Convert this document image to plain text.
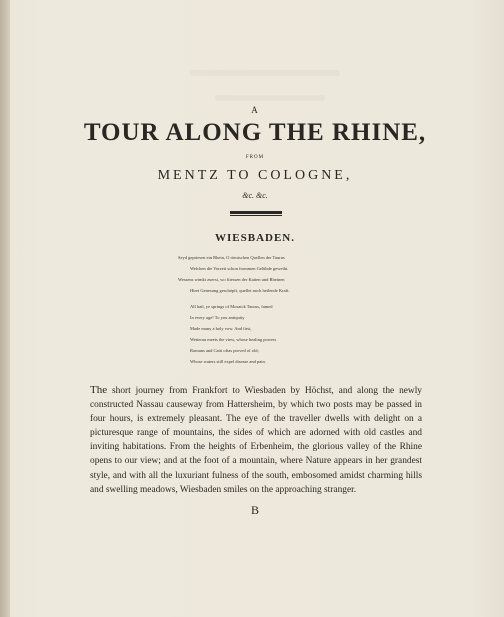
A
TOUR ALONG THE RHINE,
FROM
MENTZ TO COLOGNE,
&c. &c.
WIESBADEN.
Seyd gepriesen ein Rhein, O römischen Quellen der Taurus
Welchen die Vorzeit schon frommen Gelübde geweiht.
Wessens wimkt zuerst, wo fiiessen der Katten und Rheinen
Hirei Genesung geschöpft, quellet noch heilende Kraft.
All hail, ye springs of Mosaick Taurus, famed
In every age! To you antiquity
Made many a holy vow. And first,
Wetterau meets the view, whose healing powers
Romans and Catti oftas proved of old;
Whose waters still expel disease and pain.
The short journey from Frankfort to Wiesbaden by Höchst, and along the newly constructed Nassau causeway from Hattersheim, by which two posts may be passed in four hours, is extremely pleasant. The eye of the traveller dwells with delight on a picturesque range of mountains, the sides of which are adorned with old castles and inviting habitations. From the heights of Erbenheim, the glorious valley of the Rhine opens to our view; and at the foot of a mountain, where Nature appears in her grandest style, and with all the luxuriant fulness of the south, embosomed amidst charming hills and swelling meadows, Wiesbaden smiles on the approaching stranger.
B
